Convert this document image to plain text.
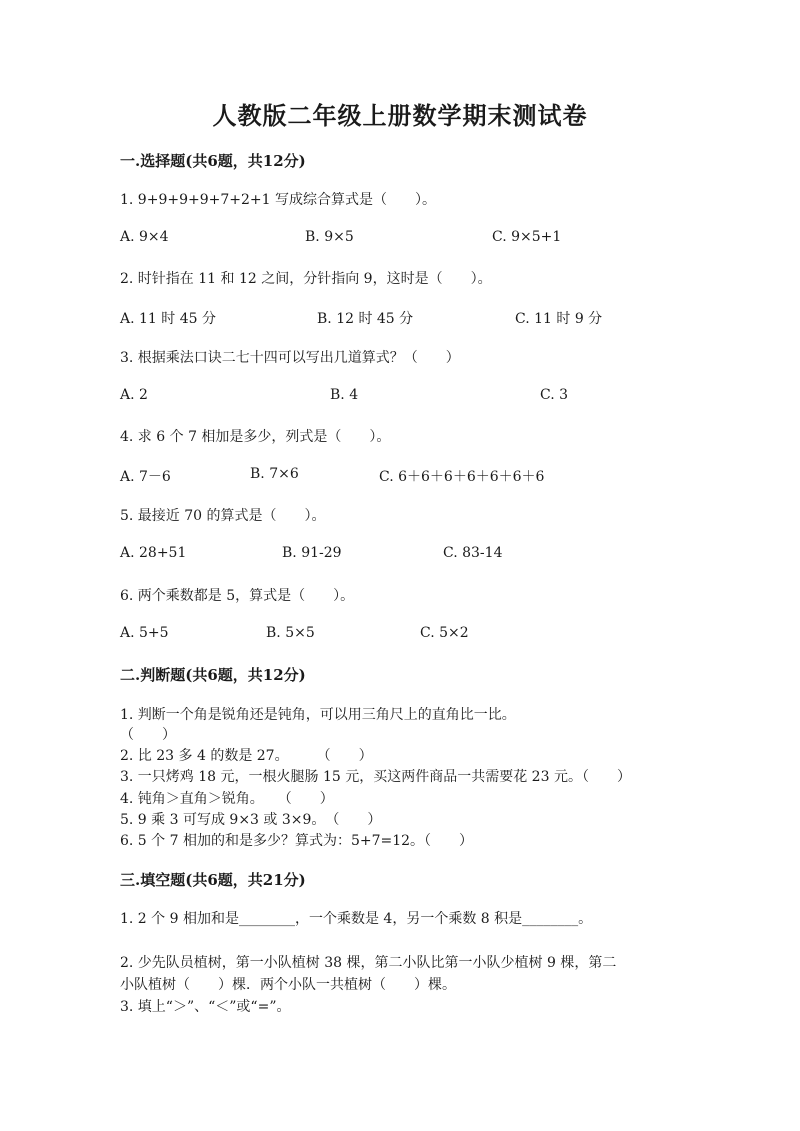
人教版二年级上册数学期末测试卷
一.选择题(共6题，共12分)
1. 9+9+9+9+7+2+1 写成综合算式是（　　）。
A. 9×4	B. 9×5	C. 9×5+1
2. 时针指在 11 和 12 之间，分针指向 9，这时是（　　）。
A. 11 时 45 分	B. 12 时 45 分	C. 11 时 9 分
3. 根据乘法口诀二七十四可以写出几道算式？（　　）
A. 2	B. 4	C. 3
4. 求 6 个 7 相加是多少，列式是（　　）。
A. 7－6	B. 7×6	C. 6＋6＋6＋6＋6＋6＋6
5. 最接近 70 的算式是（　　）。
A. 28+51	B. 91-29	C. 83-14
6. 两个乘数都是 5，算式是（　　）。
A. 5+5	B. 5×5	C. 5×2
二.判断题(共6题，共12分)
1. 判断一个角是锐角还是钝角，可以用三角尺上的直角比一比。
（　　）
2. 比 23 多 4 的数是 27。　　　（　　）
3. 一只烤鸡 18 元，一根火腿肠 15 元，买这两件商品一共需要花 23 元。（　　）
4. 钝角＞直角＞锐角。　　（　　）
5. 9 乘 3 可写成 9×3 或 3×9。　（　　）
6. 5 个 7 相加的和是多少？算式为：5+7=12。（　　）
三.填空题(共6题，共21分)
1. 2 个 9 相加和是________，一个乘数是 4，另一个乘数 8 积是________。
2. 少先队员植树，第一小队植树 38 棵，第二小队比第一小队少植树 9 棵，第二
小队植树（　　）棵．两个小队一共植树（　　）棵。
3. 填上“＞”、“＜”或“=”。
